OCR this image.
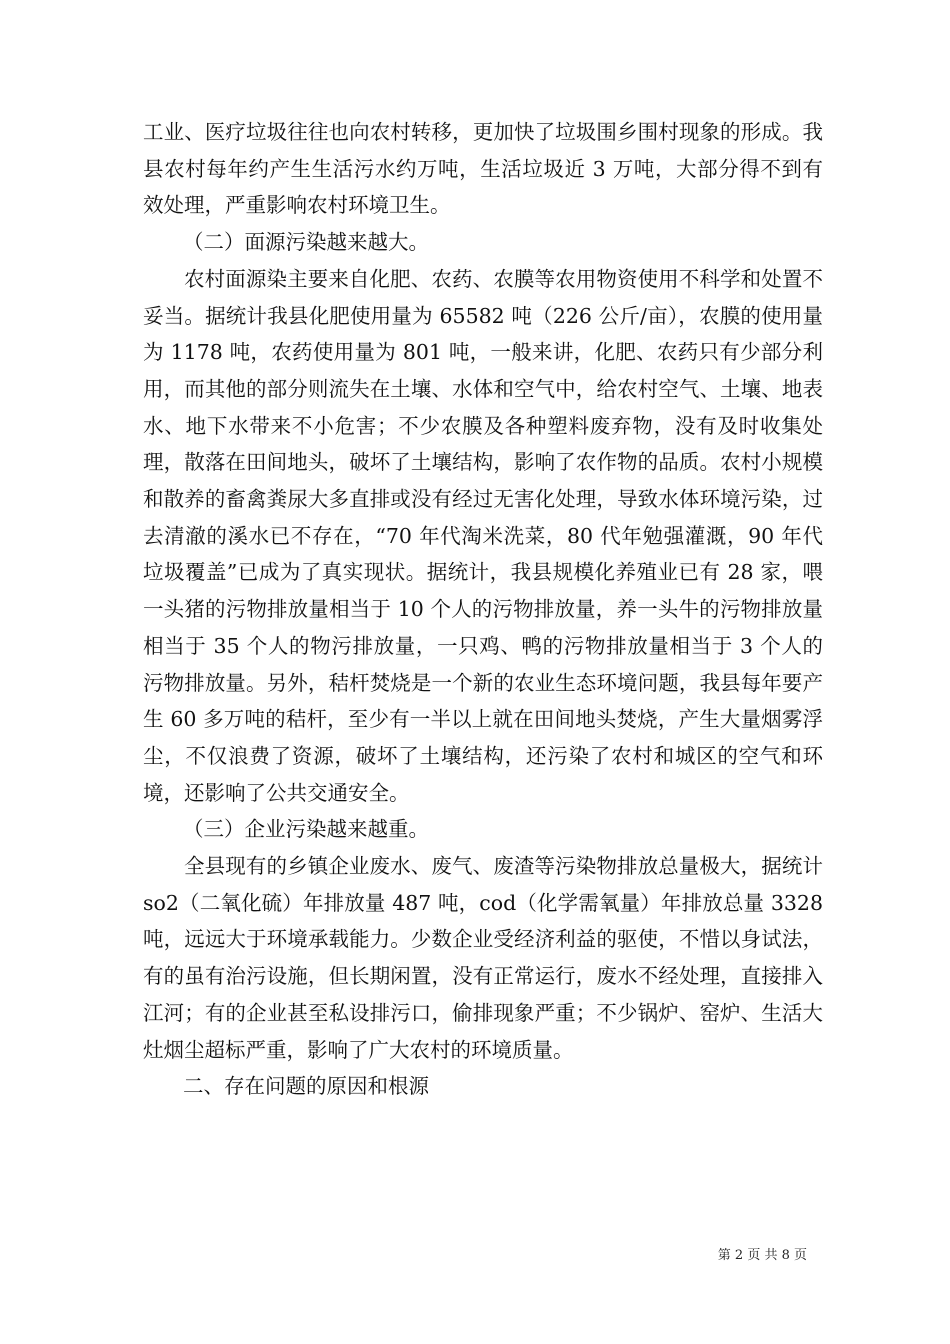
工业、医疗垃圾往往也向农村转移，更加快了垃圾围乡围村现象的形成。我县农村每年约产生生活污水约万吨，生活垃圾近 3 万吨，大部分得不到有效处理，严重影响农村环境卫生。

（二）面源污染越来越大。

农村面源染主要来自化肥、农药、农膜等农用物资使用不科学和处置不妥当。据统计我县化肥使用量为 65582 吨（226 公斤/亩），农膜的使用量为 1178 吨，农药使用量为 801 吨，一般来讲，化肥、农药只有少部分利用，而其他的部分则流失在土壤、水体和空气中，给农村空气、土壤、地表水、地下水带来不小危害；不少农膜及各种塑料废弃物，没有及时收集处理，散落在田间地头，破坏了土壤结构，影响了农作物的品质。农村小规模和散养的畜禽粪尿大多直排或没有经过无害化处理，导致水体环境污染，过去清澈的溪水已不存在，“70 年代淘米洗菜，80 代年勉强灌溉，90 年代垃圾覆盖”已成为了真实现状。据统计，我县规模化养殖业已有 28 家，喂一头猪的污物排放量相当于 10 个人的污物排放量，养一头牛的污物排放量相当于 35 个人的物污排放量，一只鸡、鸭的污物排放量相当于 3 个人的污物排放量。另外，秸杆焚烧是一个新的农业生态环境问题，我县每年要产生 60 多万吨的秸杆，至少有一半以上就在田间地头焚烧，产生大量烟雾浮尘，不仅浪费了资源，破坏了土壤结构，还污染了农村和城区的空气和环境，还影响了公共交通安全。

（三）企业污染越来越重。

全县现有的乡镇企业废水、废气、废渣等污染物排放总量极大，据统计 so2（二氧化硫）年排放量 487 吨，cod（化学需氧量）年排放总量 3328 吨，远远大于环境承载能力。少数企业受经济利益的驱使，不惜以身试法，有的虽有治污设施，但长期闲置，没有正常运行，废水不经处理，直接排入江河；有的企业甚至私设排污口，偷排现象严重；不少锅炉、窑炉、生活大灶烟尘超标严重，影响了广大农村的环境质量。

二、存在问题的原因和根源

第 2 页 共 8 页
